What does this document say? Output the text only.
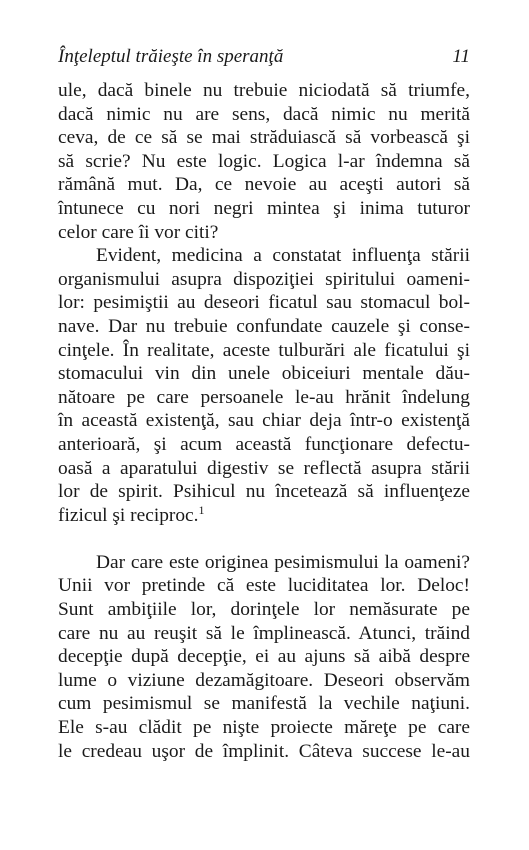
Înţeleptul trăieşte în speranţă	11
ule, dacă binele nu trebuie niciodată să triumfe,
dacă nimic nu are sens, dacă nimic nu merită
ceva, de ce să se mai străduiască să vorbească şi
să scrie? Nu este logic. Logica l-ar îndemna să
rămână mut. Da, ce nevoie au aceşti autori să
întunece cu nori negri mintea şi inima tuturor
celor care îi vor citi?
Evident, medicina a constatat influenţa stării
organismului asupra dispoziţiei spiritului oameni-
lor: pesimiştii au deseori ficatul sau stomacul bol-
nave. Dar nu trebuie confundate cauzele şi conse-
cinţele. În realitate, aceste tulburări ale ficatului şi
stomacului vin din unele obiceiuri mentale dău-
nătoare pe care persoanele le-au hrănit îndelung
în această existenţă, sau chiar deja într-o existenţă
anterioară, şi acum această funcţionare defectu-
oasă a aparatului digestiv se reflectă asupra stării
lor de spirit. Psihicul nu încetează să influenţeze
fizicul şi reciproc.$^1$
Dar care este originea pesimismului la oameni?
Unii vor pretinde că este luciditatea lor. Deloc!
Sunt ambiţiile lor, dorinţele lor nemăsurate pe
care nu au reuşit să le împlinească. Atunci, trăind
decepţie după decepţie, ei au ajuns să aibă despre
lume o viziune dezamăgitoare. Deseori observăm
cum pesimismul se manifestă la vechile naţiuni.
Ele s-au clădit pe nişte proiecte măreţe pe care
le credeau uşor de împlinit. Câteva succese le-au
